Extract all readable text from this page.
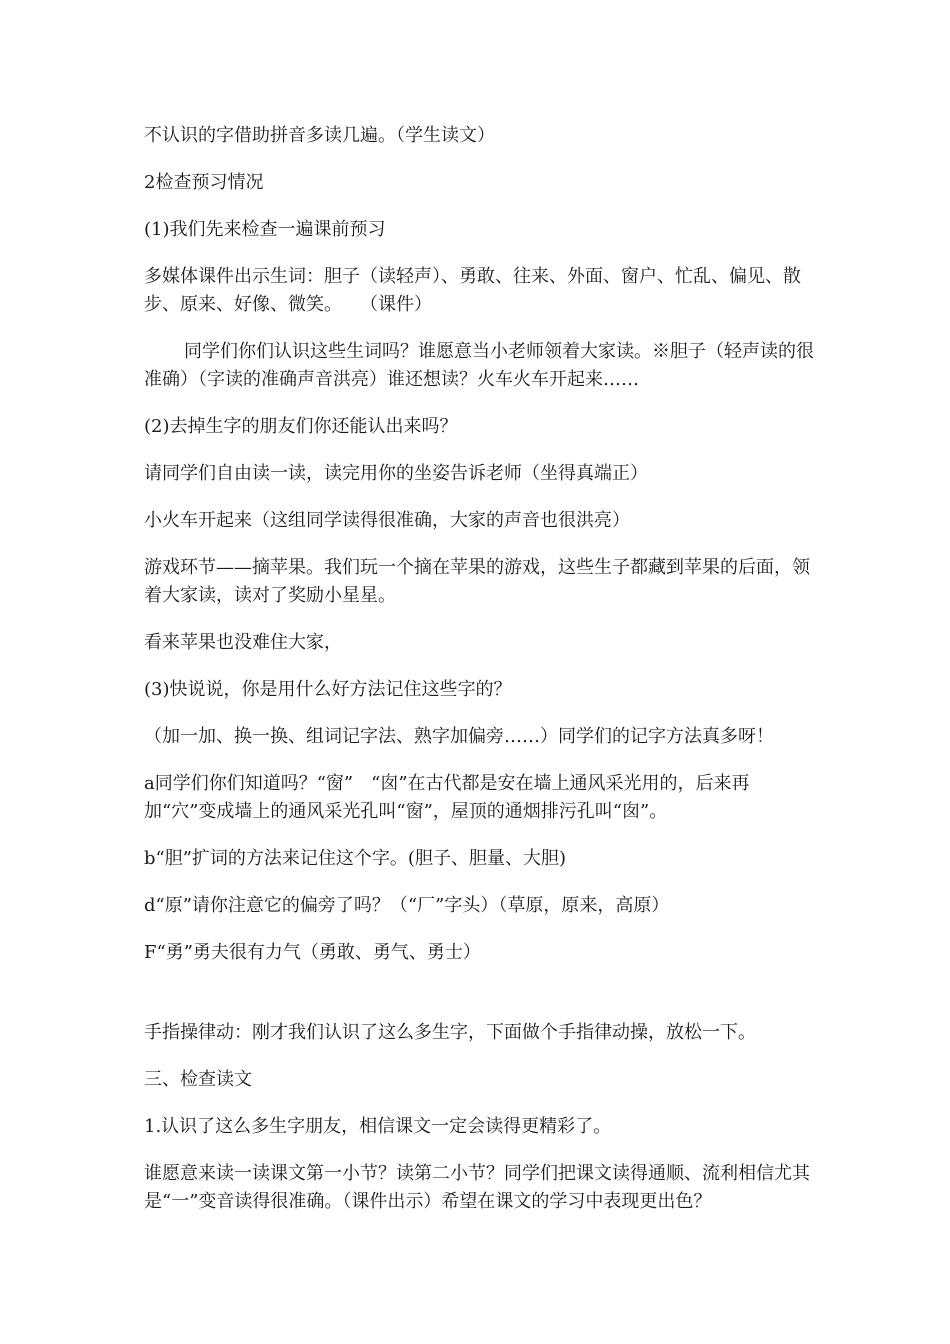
不认识的字借助拼音多读几遍。（学生读文）

2检查预习情况

(1)我们先来检查一遍课前预习

多媒体课件出示生词：胆子（读轻声）、勇敢、往来、外面、窗户、忙乱、偏见、散步、原来、好像、微笑。　　（课件）

同学们你们认识这些生词吗？谁愿意当小老师领着大家读。※胆子（轻声读的很准确）（字读的准确声音洪亮）谁还想读？火车火车开起来……

(2)去掉生字的朋友们你还能认出来吗？

请同学们自由读一读，读完用你的坐姿告诉老师（坐得真端正）

小火车开起来（这组同学读得很准确，大家的声音也很洪亮）

游戏环节——摘苹果。我们玩一个摘在苹果的游戏，这些生子都藏到苹果的后面，领着大家读，读对了奖励小星星。

看来苹果也没难住大家，

(3)快说说，你是用什么好方法记住这些字的？

（加一加、换一换、组词记字法、熟字加偏旁……）同学们的记字方法真多呀！

a同学们你们知道吗？“窗”　“囱”在古代都是安在墙上通风采光用的，后来再加“穴”变成墙上的通风采光孔叫“窗”，屋顶的通烟排污孔叫“囱”。

b“胆”扩词的方法来记住这个字。(胆子、胆量、大胆)

d“原”请你注意它的偏旁了吗？（“厂”字头）（草原，原来，高原）

F“勇”勇夫很有力气（勇敢、勇气、勇士）

手指操律动：刚才我们认识了这么多生字，下面做个手指律动操，放松一下。

三、检查读文

1.认识了这么多生字朋友，相信课文一定会读得更精彩了。

谁愿意来读一读课文第一小节？读第二小节？同学们把课文读得通顺、流利相信尤其是“一”变音读得很准确。（课件出示）希望在课文的学习中表现更出色？
